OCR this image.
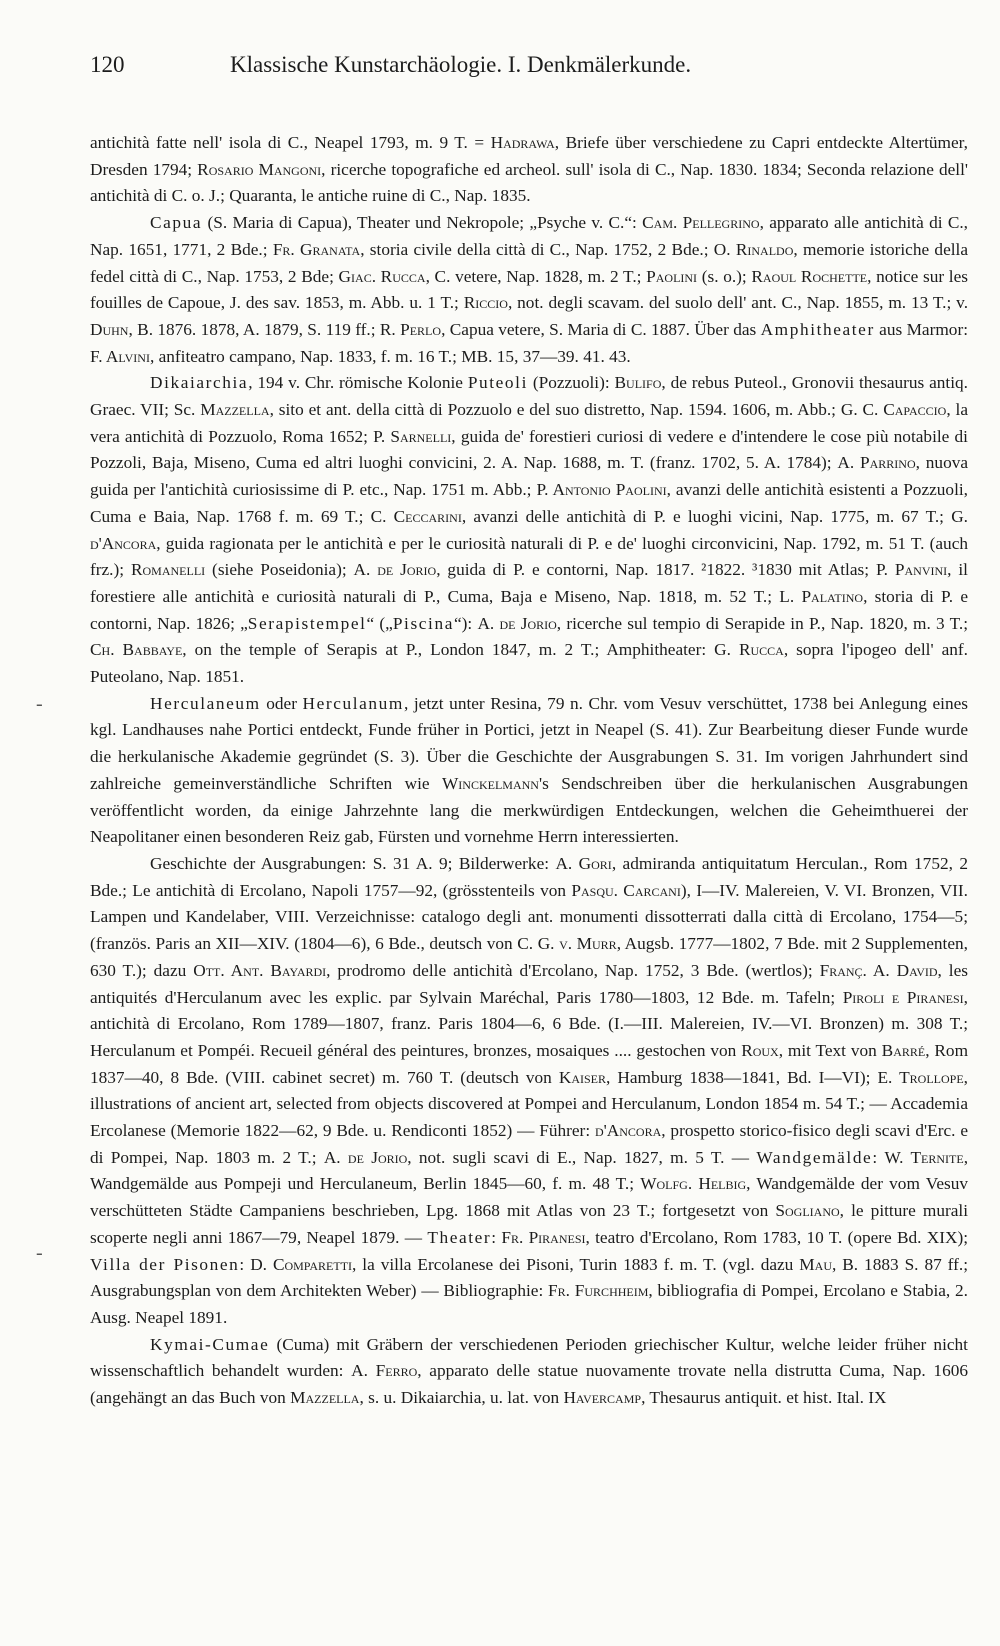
120	Klassische Kunstarchäologie. I. Denkmälerkunde.
-
-

antichità fatte nell' isola di C., Neapel 1793, m. 9 T. = Hadrawa, Briefe über verschiedene zu Capri entdeckte Altertümer, Dresden 1794; Rosario Mangoni, ricerche topografiche ed archeol. sull' isola di C., Nap. 1830. 1834; Seconda relazione dell' antichità di C. o. J.; Quaranta, le antiche ruine di C., Nap. 1835.

Capua (S. Maria di Capua), Theater und Nekropole; „Psyche v. C.“: Cam. Pellegrino, apparato alle antichità di C., Nap. 1651, 1771, 2 Bde.; Fr. Granata, storia civile della città di C., Nap. 1752, 2 Bde.; O. Rinaldo, memorie istoriche della fedel città di C., Nap. 1753, 2 Bde; Giac. Rucca, C. vetere, Nap. 1828, m. 2 T.; Paolini (s. o.); Raoul Rochette, notice sur les fouilles de Capoue, J. des sav. 1853, m. Abb. u. 1 T.; Riccio, not. degli scavam. del suolo dell' ant. C., Nap. 1855, m. 13 T.; v. Duhn, B. 1876. 1878, A. 1879, S. 119 ff.; R. Perlo, Capua vetere, S. Maria di C. 1887. Über das Amphitheater aus Marmor: F. Alvini, anfiteatro campano, Nap. 1833, f. m. 16 T.; MB. 15, 37—39. 41. 43.

Dikaiarchia, 194 v. Chr. römische Kolonie Puteoli (Pozzuoli): Bulifo, de rebus Puteol., Gronovii thesaurus antiq. Graec. VII; Sc. Mazzella, sito et ant. della città di Pozzuolo e del suo distretto, Nap. 1594. 1606, m. Abb.; G. C. Capaccio, la vera antichità di Pozzuolo, Roma 1652; P. Sarnelli, guida de' forestieri curiosi di vedere e d'intendere le cose più notabile di Pozzoli, Baja, Miseno, Cuma ed altri luoghi convicini, 2. A. Nap. 1688, m. T. (franz. 1702, 5. A. 1784); A. Parrino, nuova guida per l'antichità curiosissime di P. etc., Nap. 1751 m. Abb.; P. Antonio Paolini, avanzi delle antichità esistenti a Pozzuoli, Cuma e Baia, Nap. 1768 f. m. 69 T.; C. Ceccarini, avanzi delle antichità di P. e luoghi vicini, Nap. 1775, m. 67 T.; G. d'Ancora, guida ragionata per le antichità e per le curiosità naturali di P. e de' luoghi circonvicini, Nap. 1792, m. 51 T. (auch frz.); Romanelli (siehe Poseidonia); A. de Jorio, guida di P. e contorni, Nap. 1817. ²1822. ³1830 mit Atlas; P. Panvini, il forestiere alle antichità e curiosità naturali di P., Cuma, Baja e Miseno, Nap. 1818, m. 52 T.; L. Palatino, storia di P. e contorni, Nap. 1826; „Serapistempel“ („Piscina“): A. de Jorio, ricerche sul tempio di Serapide in P., Nap. 1820, m. 3 T.; Ch. Babbaye, on the temple of Serapis at P., London 1847, m. 2 T.; Amphitheater: G. Rucca, sopra l'ipogeo dell' anf. Puteolano, Nap. 1851.

Herculaneum oder Herculanum, jetzt unter Resina, 79 n. Chr. vom Vesuv verschüttet, 1738 bei Anlegung eines kgl. Landhauses nahe Portici entdeckt, Funde früher in Portici, jetzt in Neapel (S. 41). Zur Bearbeitung dieser Funde wurde die herkulanische Akademie gegründet (S. 3). Über die Geschichte der Ausgrabungen S. 31. Im vorigen Jahrhundert sind zahlreiche gemeinverständliche Schriften wie Winckelmann's Sendschreiben über die herkulanischen Ausgrabungen veröffentlicht worden, da einige Jahrzehnte lang die merkwürdigen Entdeckungen, welchen die Geheimthuerei der Neapolitaner einen besonderen Reiz gab, Fürsten und vornehme Herrn interessierten.

Geschichte der Ausgrabungen: S. 31 A. 9; Bilderwerke: A. Gori, admiranda antiquitatum Herculan., Rom 1752, 2 Bde.; Le antichità di Ercolano, Napoli 1757—92, (grösstenteils von Pasqu. Carcani), I—IV. Malereien, V. VI. Bronzen, VII. Lampen und Kandelaber, VIII. Verzeichnisse: catalogo degli ant. monumenti dissotterrati dalla città di Ercolano, 1754—5; (französ. Paris an XII—XIV. (1804—6), 6 Bde., deutsch von C. G. v. Murr, Augsb. 1777—1802, 7 Bde. mit 2 Supplementen, 630 T.); dazu Ott. Ant. Bayardi, prodromo delle antichità d'Ercolano, Nap. 1752, 3 Bde. (wertlos); Franç. A. David, les antiquités d'Herculanum avec les explic. par Sylvain Maréchal, Paris 1780—1803, 12 Bde. m. Tafeln; Piroli e Piranesi, antichità di Ercolano, Rom 1789—1807, franz. Paris 1804—6, 6 Bde. (I.—III. Malereien, IV.—VI. Bronzen) m. 308 T.; Herculanum et Pompéi. Recueil général des peintures, bronzes, mosaiques .... gestochen von Roux, mit Text von Barré, Rom 1837—40, 8 Bde. (VIII. cabinet secret) m. 760 T. (deutsch von Kaiser, Hamburg 1838—1841, Bd. I—VI); E. Trollope, illustrations of ancient art, selected from objects discovered at Pompei and Herculanum, London 1854 m. 54 T.; — Accademia Ercolanese (Memorie 1822—62, 9 Bde. u. Rendiconti 1852) — Führer: d'Ancora, prospetto storico-fisico degli scavi d'Erc. e di Pompei, Nap. 1803 m. 2 T.; A. de Jorio, not. sugli scavi di E., Nap. 1827, m. 5 T. — Wandgemälde: W. Ternite, Wandgemälde aus Pompeji und Herculaneum, Berlin 1845—60, f. m. 48 T.; Wolfg. Helbig, Wandgemälde der vom Vesuv verschütteten Städte Campaniens beschrieben, Lpg. 1868 mit Atlas von 23 T.; fortgesetzt von Sogliano, le pitture murali scoperte negli anni 1867—79, Neapel 1879. — Theater: Fr. Piranesi, teatro d'Ercolano, Rom 1783, 10 T. (opere Bd. XIX); Villa der Pisonen: D. Comparetti, la villa Ercolanese dei Pisoni, Turin 1883 f. m. T. (vgl. dazu Mau, B. 1883 S. 87 ff.; Ausgrabungsplan von dem Architekten Weber) — Bibliographie: Fr. Furchheim, bibliografia di Pompei, Ercolano e Stabia, 2. Ausg. Neapel 1891.

Kymai-Cumae (Cuma) mit Gräbern der verschiedenen Perioden griechischer Kultur, welche leider früher nicht wissenschaftlich behandelt wurden: A. Ferro, apparato delle statue nuovamente trovate nella distrutta Cuma, Nap. 1606 (angehängt an das Buch von Mazzella, s. u. Dikaiarchia, u. lat. von Havercamp, Thesaurus antiquit. et hist. Ital. IX
